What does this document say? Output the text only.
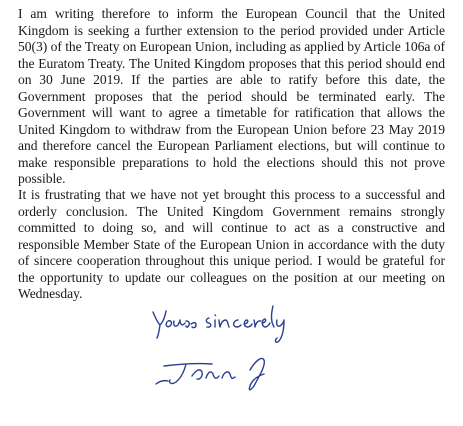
I am writing therefore to inform the European Council that the United Kingdom is seeking a further extension to the period provided under Article 50(3) of the Treaty on European Union, including as applied by Article 106a of the Euratom Treaty. The United Kingdom proposes that this period should end on 30 June 2019. If the parties are able to ratify before this date, the Government proposes that the period should be terminated early. The Government will want to agree a timetable for ratification that allows the United Kingdom to withdraw from the European Union before 23 May 2019 and therefore cancel the European Parliament elections, but will continue to make responsible preparations to hold the elections should this not prove possible.

It is frustrating that we have not yet brought this process to a successful and orderly conclusion. The United Kingdom Government remains strongly committed to doing so, and will continue to act as a constructive and responsible Member State of the European Union in accordance with the duty of sincere cooperation throughout this unique period. I would be grateful for the opportunity to update our colleagues on the position at our meeting on Wednesday.
